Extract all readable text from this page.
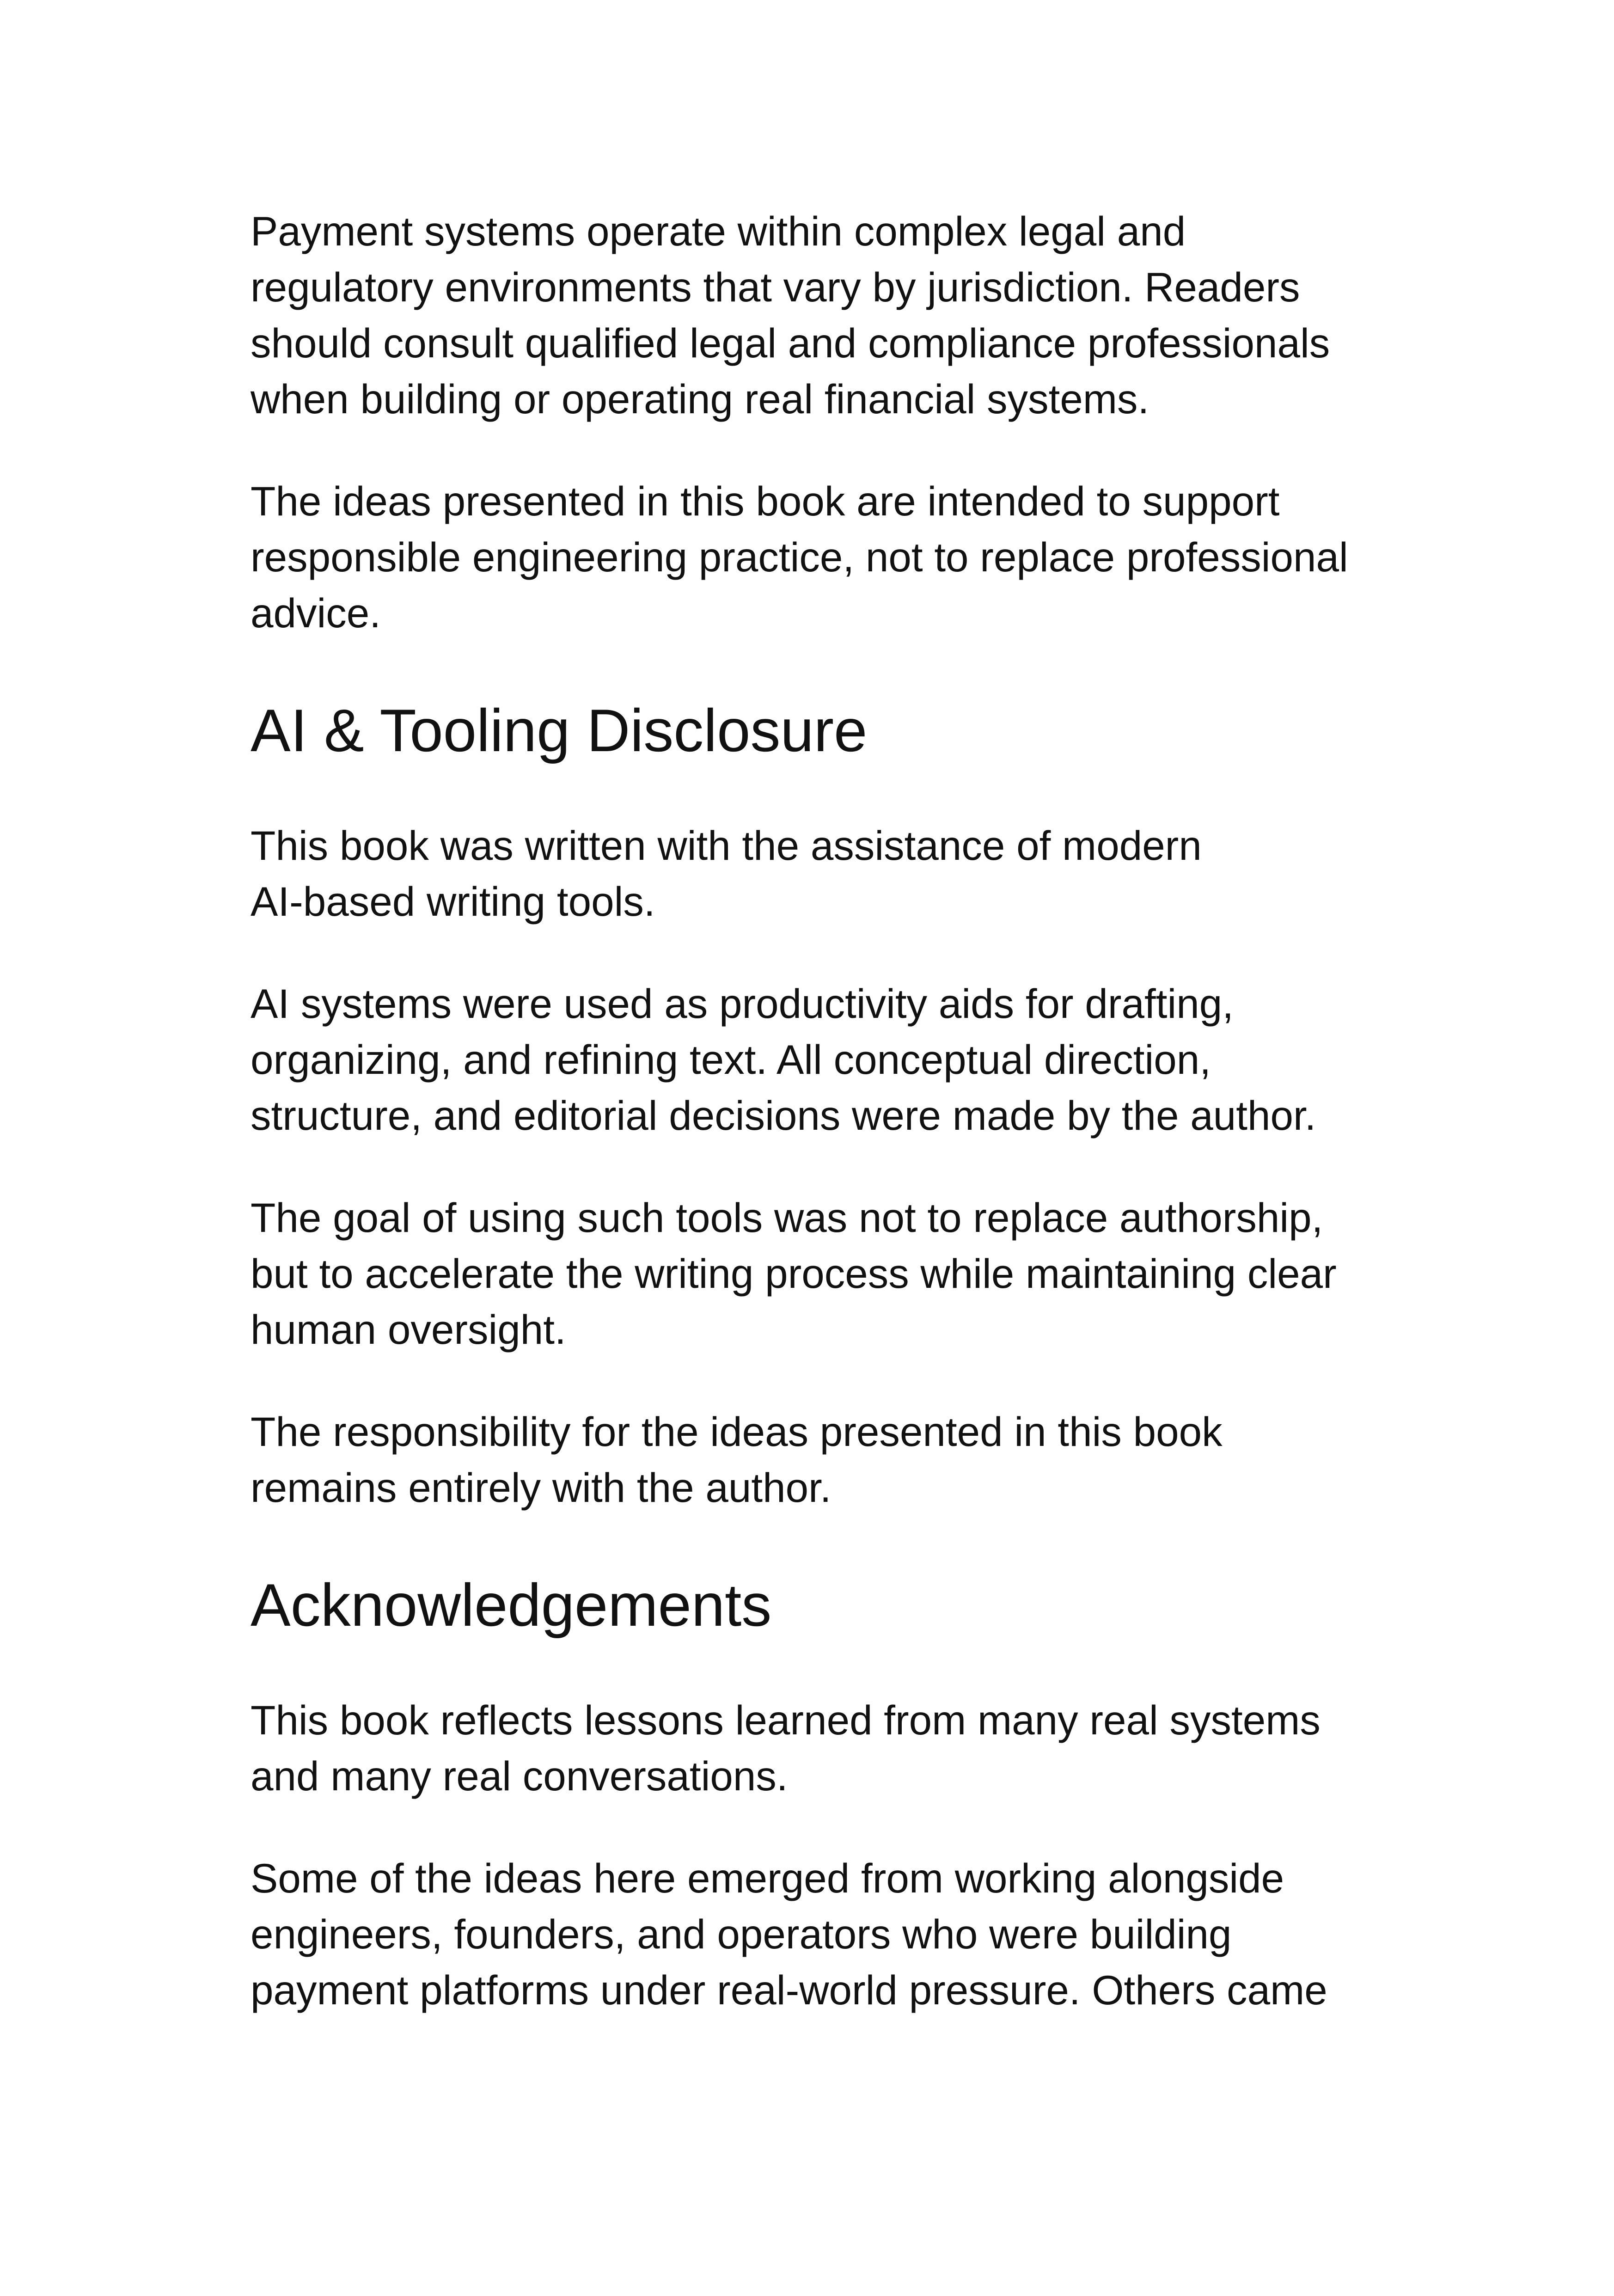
Payment systems operate within complex legal and
regulatory environments that vary by jurisdiction. Readers
should consult qualified legal and compliance professionals
when building or operating real financial systems.

The ideas presented in this book are intended to support
responsible engineering practice, not to replace professional
advice.

AI & Tooling Disclosure

This book was written with the assistance of modern
AI-based writing tools.

AI systems were used as productivity aids for drafting,
organizing, and refining text. All conceptual direction,
structure, and editorial decisions were made by the author.

The goal of using such tools was not to replace authorship,
but to accelerate the writing process while maintaining clear
human oversight.

The responsibility for the ideas presented in this book
remains entirely with the author.

Acknowledgements

This book reflects lessons learned from many real systems
and many real conversations.

Some of the ideas here emerged from working alongside
engineers, founders, and operators who were building
payment platforms under real-world pressure. Others came
